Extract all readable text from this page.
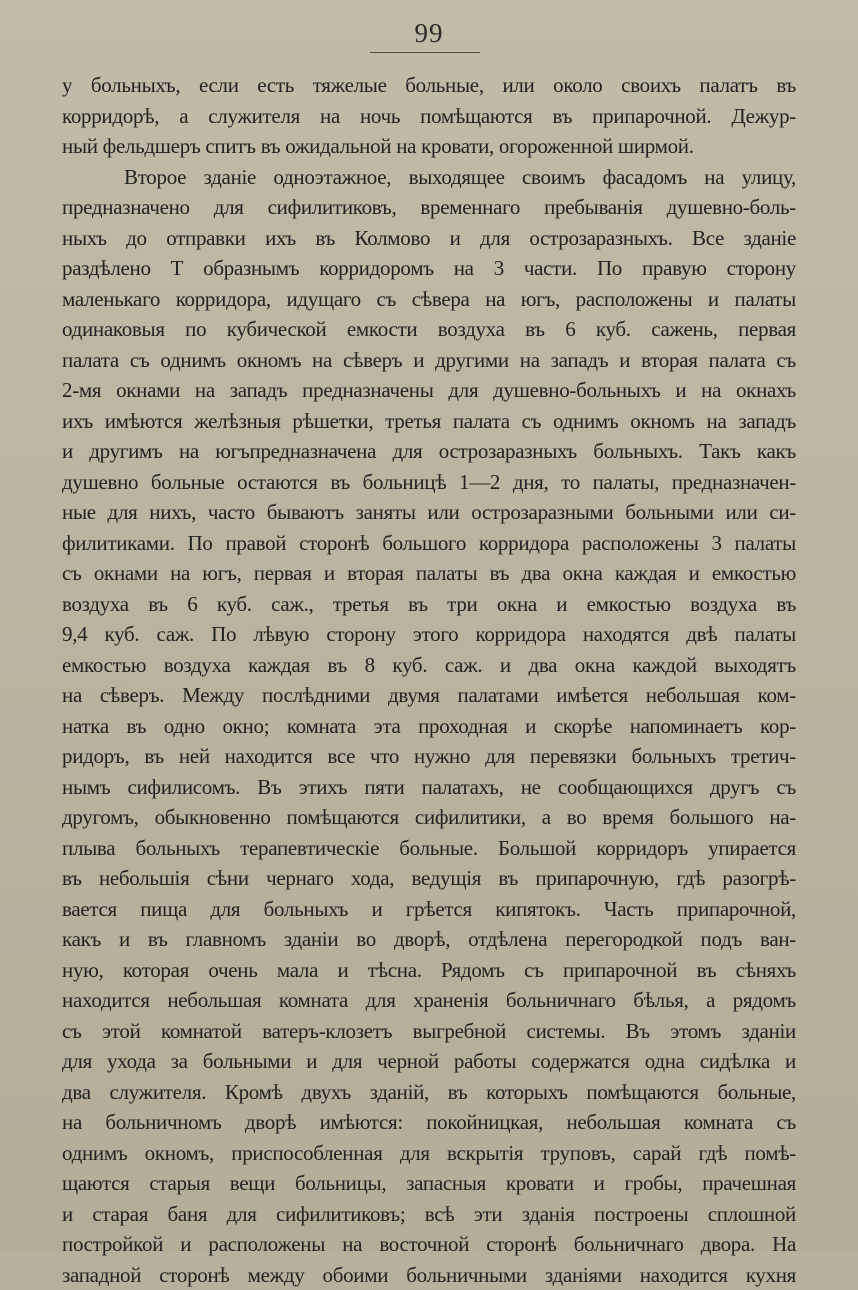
99
у больныхъ, если есть тяжелые больные, или около своихъ палатъ въ
корридорѣ, а служителя на ночь помѣщаются въ припарочной. Дежур-
ный фельдшеръ спитъ въ ожидальной на кровати, огороженной ширмой.
Второе зданіе одноэтажное, выходящее своимъ фасадомъ на улицу,
предназначено для сифилитиковъ, временнаго пребыванія душевно-боль-
ныхъ до отправки ихъ въ Колмово и для острозаразныхъ. Все зданіе
раздѣлено Т образнымъ корридоромъ на 3 части. По правую сторону
маленькаго корридора, идущаго съ сѣвера на югъ, расположены и палаты
одинаковыя по кубической емкости воздуха въ 6 куб. сажень, первая
палата съ однимъ окномъ на сѣверъ и другими на западъ и вторая палата съ
2-мя окнами на западъ предназначены для душевно-больныхъ и на окнахъ
ихъ имѣются желѣзныя рѣшетки, третья палата съ однимъ окномъ на западъ
и другимъ на югъпредназначена для острозаразныхъ больныхъ. Такъ какъ
душевно больные остаются въ больницѣ 1—2 дня, то палаты, предназначен-
ные для нихъ, часто бываютъ заняты или острозаразными больными или си-
филитиками. По правой сторонѣ большого корридора расположены 3 палаты
съ окнами на югъ, первая и вторая палаты въ два окна каждая и емкостью
воздуха въ 6 куб. саж., третья въ три окна и емкостью воздуха въ
9,4 куб. саж. По лѣвую сторону этого корридора находятся двѣ палаты
емкостью воздуха каждая въ 8 куб. саж. и два окна каждой выходятъ
на сѣверъ. Между послѣдними двумя палатами имѣется небольшая ком-
натка въ одно окно; комната эта проходная и скорѣе напоминаетъ кор-
ридоръ, въ ней находится все что нужно для перевязки больныхъ третич-
нымъ сифилисомъ. Въ этихъ пяти палатахъ, не сообщающихся другъ съ
другомъ, обыкновенно помѣщаются сифилитики, а во время большого на-
плыва больныхъ терапевтическіе больные. Большой корридоръ упирается
въ небольшія сѣни чернаго хода, ведущія въ припарочную, гдѣ разогрѣ-
вается пища для больныхъ и грѣется кипятокъ. Часть припарочной,
какъ и въ главномъ зданіи во дворѣ, отдѣлена перегородкой подъ ван-
ную, которая очень мала и тѣсна. Рядомъ съ припарочной въ сѣняхъ
находится небольшая комната для храненія больничнаго бѣлья, а рядомъ
съ этой комнатой ватеръ-клозетъ выгребной системы. Въ этомъ зданіи
для ухода за больными и для черной работы содержатся одна сидѣлка и
два служителя. Кромѣ двухъ зданій, въ которыхъ помѣщаются больные,
на больничномъ дворѣ имѣются: покойницкая, небольшая комната съ
однимъ окномъ, приспособленная для вскрытія труповъ, сарай гдѣ помѣ-
щаются старыя вещи больницы, запасныя кровати и гробы, прачешная
и старая баня для сифилитиковъ; всѣ эти зданія построены сплошной
постройкой и расположены на восточной сторонѣ больничнаго двора. На
западной сторонѣ между обоими больничными зданіями находится кухня
